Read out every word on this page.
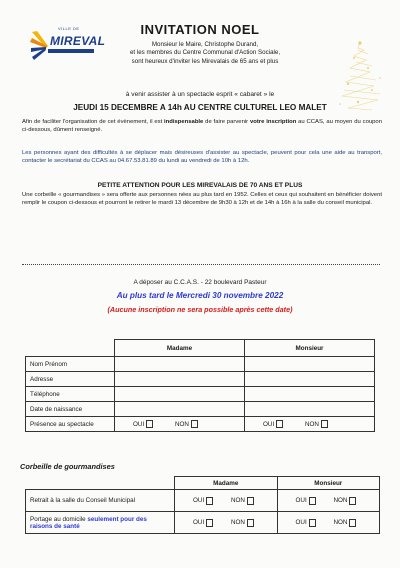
VILLE DE
MIREVAL
INVITATION NOEL
Monsieur le Maire, Christophe Durand,
et les membres du Centre Communal d'Action Sociale,
sont heureux d'inviter les Mirevalais de 65 ans et plus
à venir assister à un spectacle esprit « cabaret » le
JEUDI 15 DECEMBRE A 14h AU CENTRE CULTUREL LEO MALET
Afin de faciliter l'organisation de cet évènement, il est indispensable de faire parvenir votre inscription au CCAS, au moyen du coupon ci-dessous, dûment renseigné.
Les personnes ayant des difficultés à se déplacer mais désireuses d'assister au spectacle, peuvent pour cela une aide au transport, contacter le secrétariat du CCAS au 04.67.53.81.89 du lundi au vendredi de 10h à 12h.
PETITE ATTENTION POUR LES MIREVALAIS DE 70 ANS ET PLUS
Une corbeille « gourmandises » sera offerte aux personnes nées au plus tard en 1952. Celles et ceux qui souhaitent en bénéficier doivent remplir le coupon ci-dessous et pourront le retirer le mardi 13 décembre de 9h30 à 12h et de 14h à 16h à la salle du conseil municipal.
A déposer au C.C.A.S. - 22 boulevard Pasteur
Au plus tard le Mercredi 30 novembre 2022
(Aucune inscription ne sera possible après cette date)
	Madame	Monsieur
Nom Prénom		
Adresse		
Téléphone		
Date de naissance		
Présence au spectacle	OUI NON	OUI NON
Corbeille de gourmandises
	Madame	Monsieur
Retrait à la salle du Conseil Municipal	OUI NON	OUI NON
Portage au domicile seulement pour des raisons de santé	OUI NON	OUI NON
